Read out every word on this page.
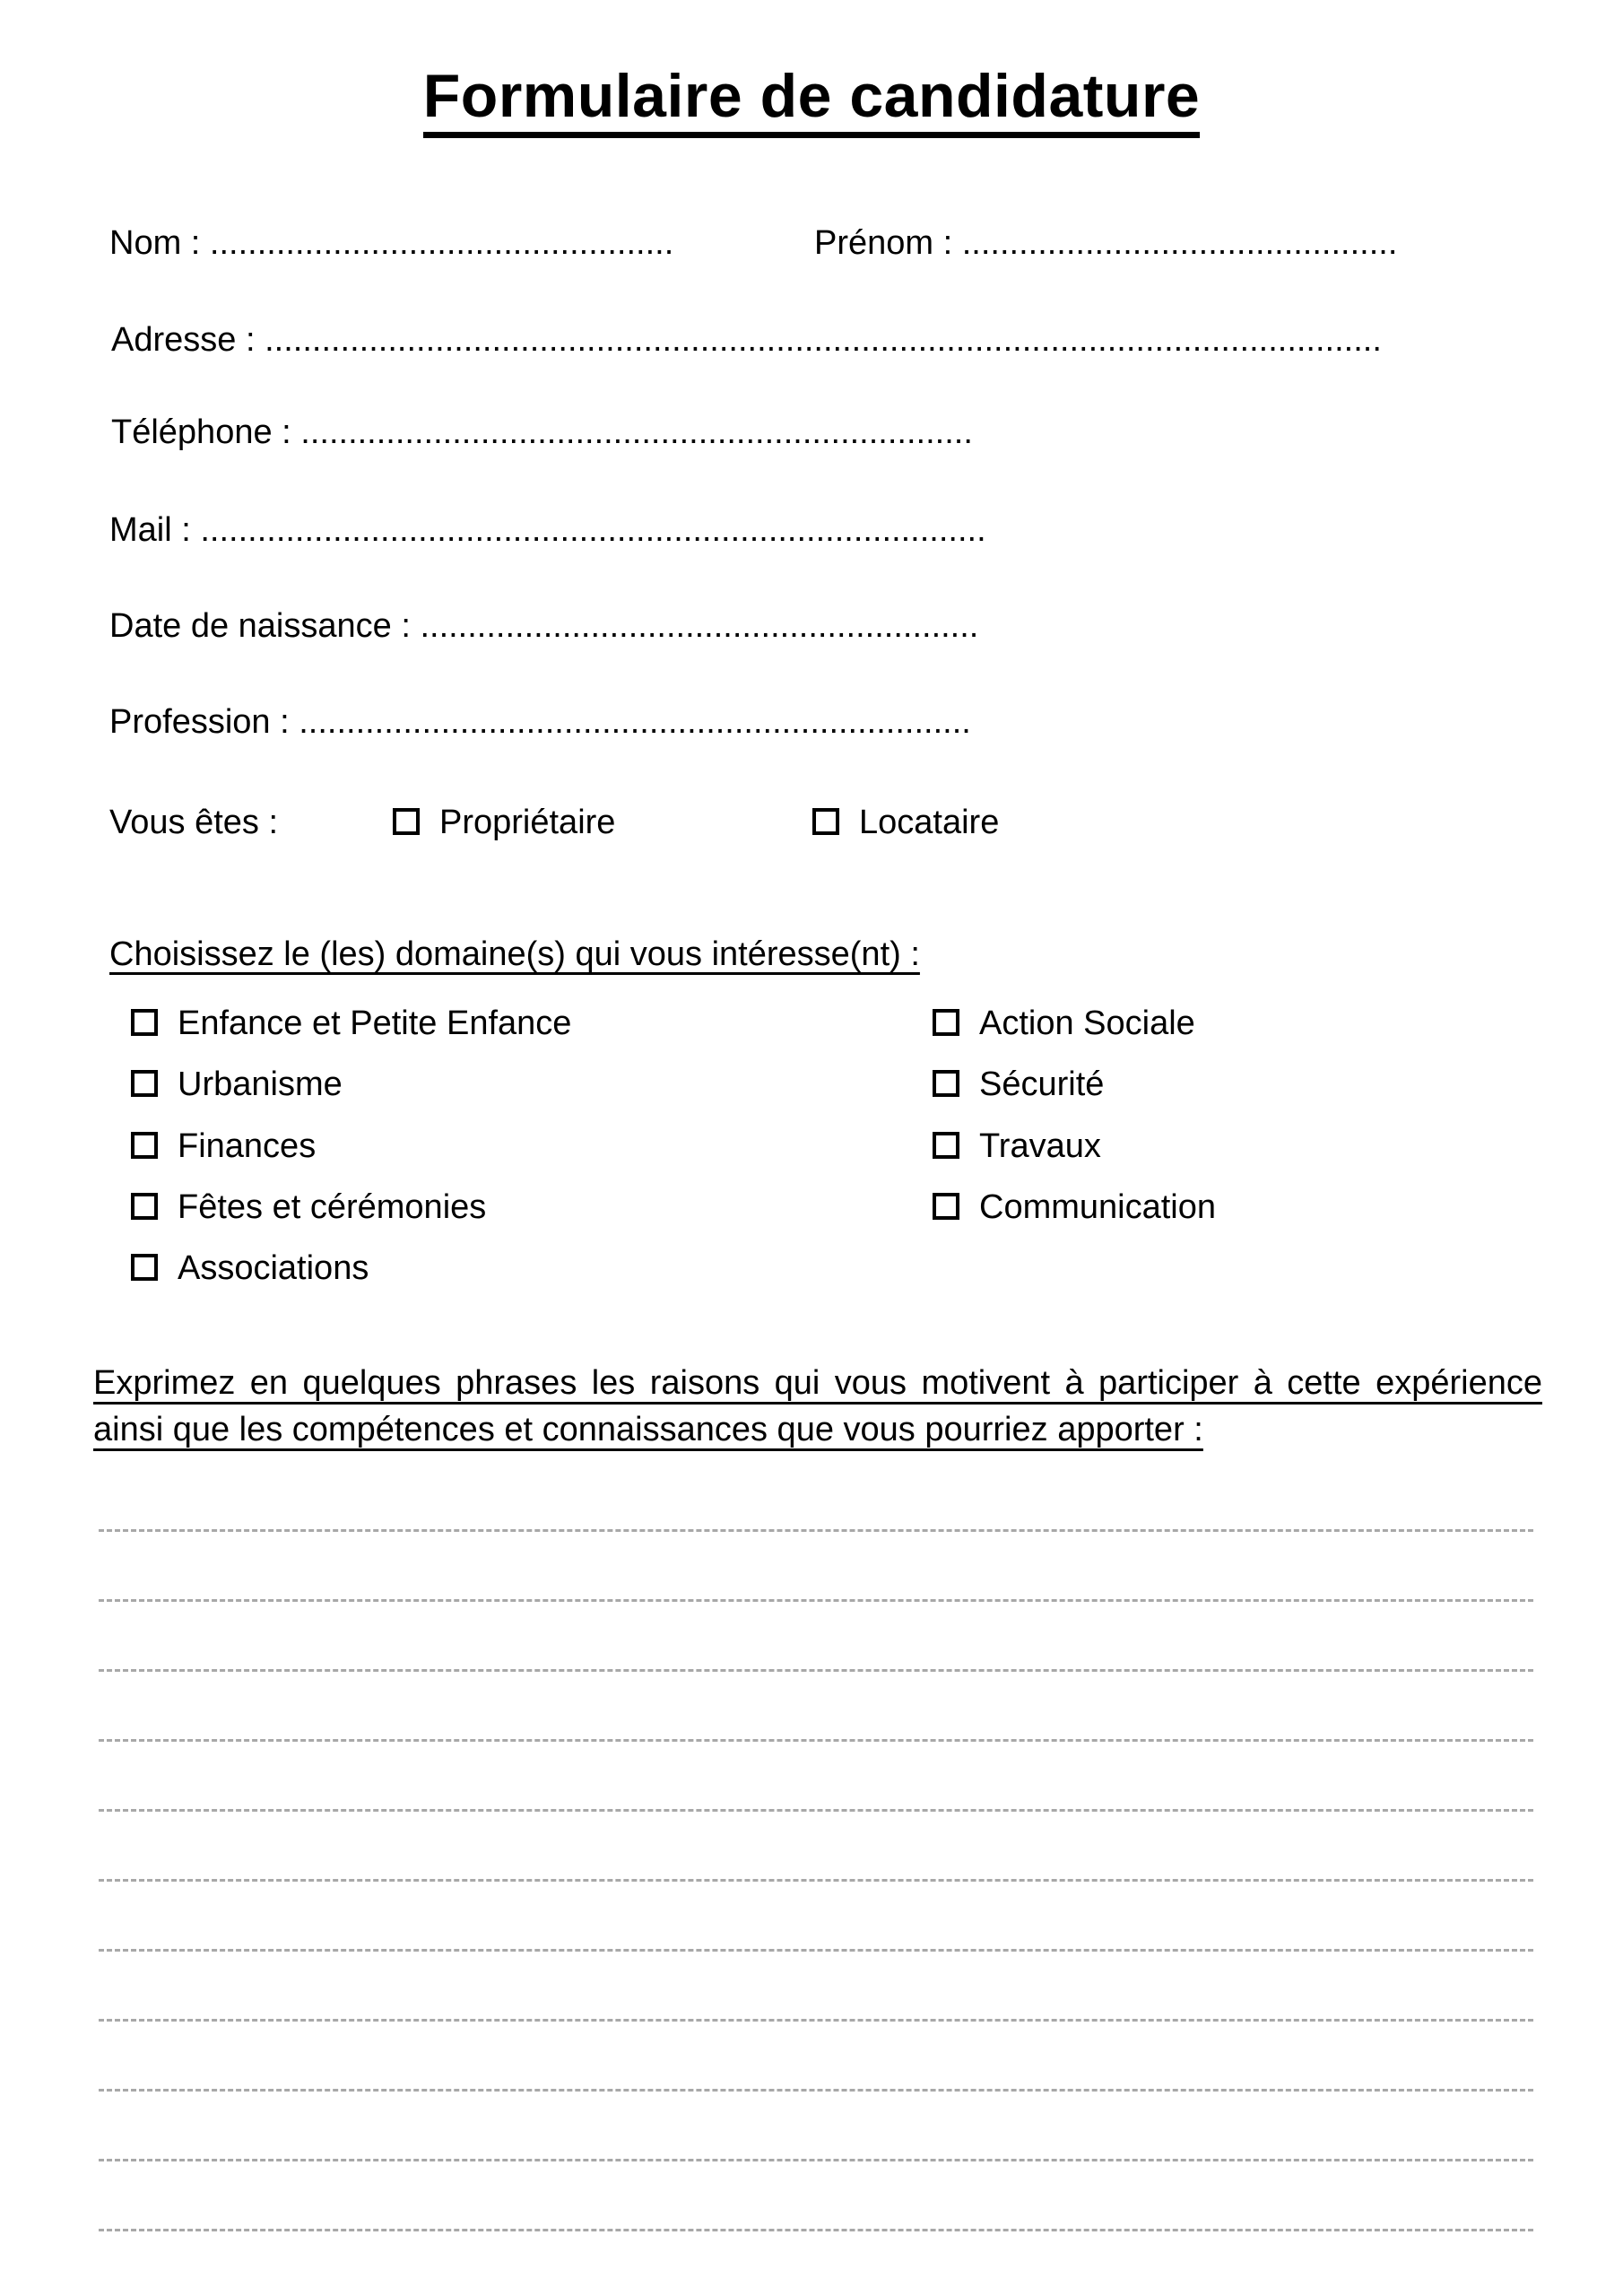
Formulaire de candidature
Nom : .................................................	Prénom : ..............................................
Adresse : ......................................................................................................................
Téléphone : .......................................................................
Mail : ...................................................................................
Date de naissance : ...........................................................
Profession : .......................................................................
Vous êtes :	Propriétaire	Locataire
Choisissez le (les) domaine(s) qui vous intéresse(nt) :
Enfance et Petite Enfance
Urbanisme
Finances
Fêtes et cérémonies
Associations
Action Sociale
Sécurité
Travaux
Communication
Exprimez en quelques phrases les raisons qui vous motivent à participer à cette expérience ainsi que les compétences et connaissances que vous pourriez apporter :
